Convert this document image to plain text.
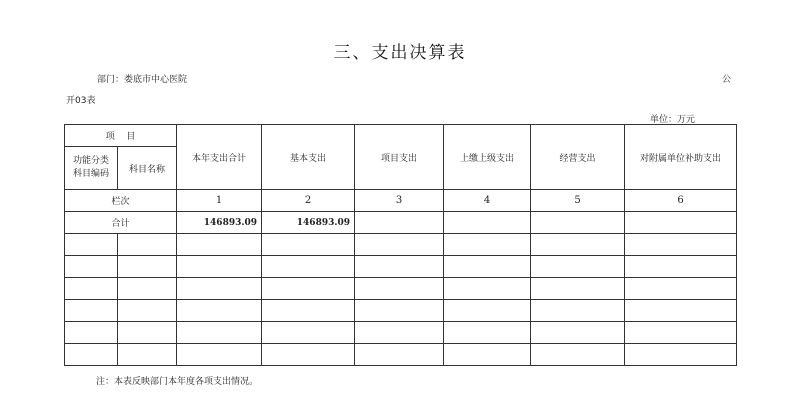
三、支出决算表
部门：娄底市中心医院	公
开03表
单位：万元
项    目		本年支出合计	基本支出	项目支出	上缴上级支出	经营支出	对附属单位补助支出

功能分类科目编码	科目名称						
栏次		1	2	3	4	5	6
合计		146893.09	146893.09				

注：本表反映部门本年度各项支出情况。
